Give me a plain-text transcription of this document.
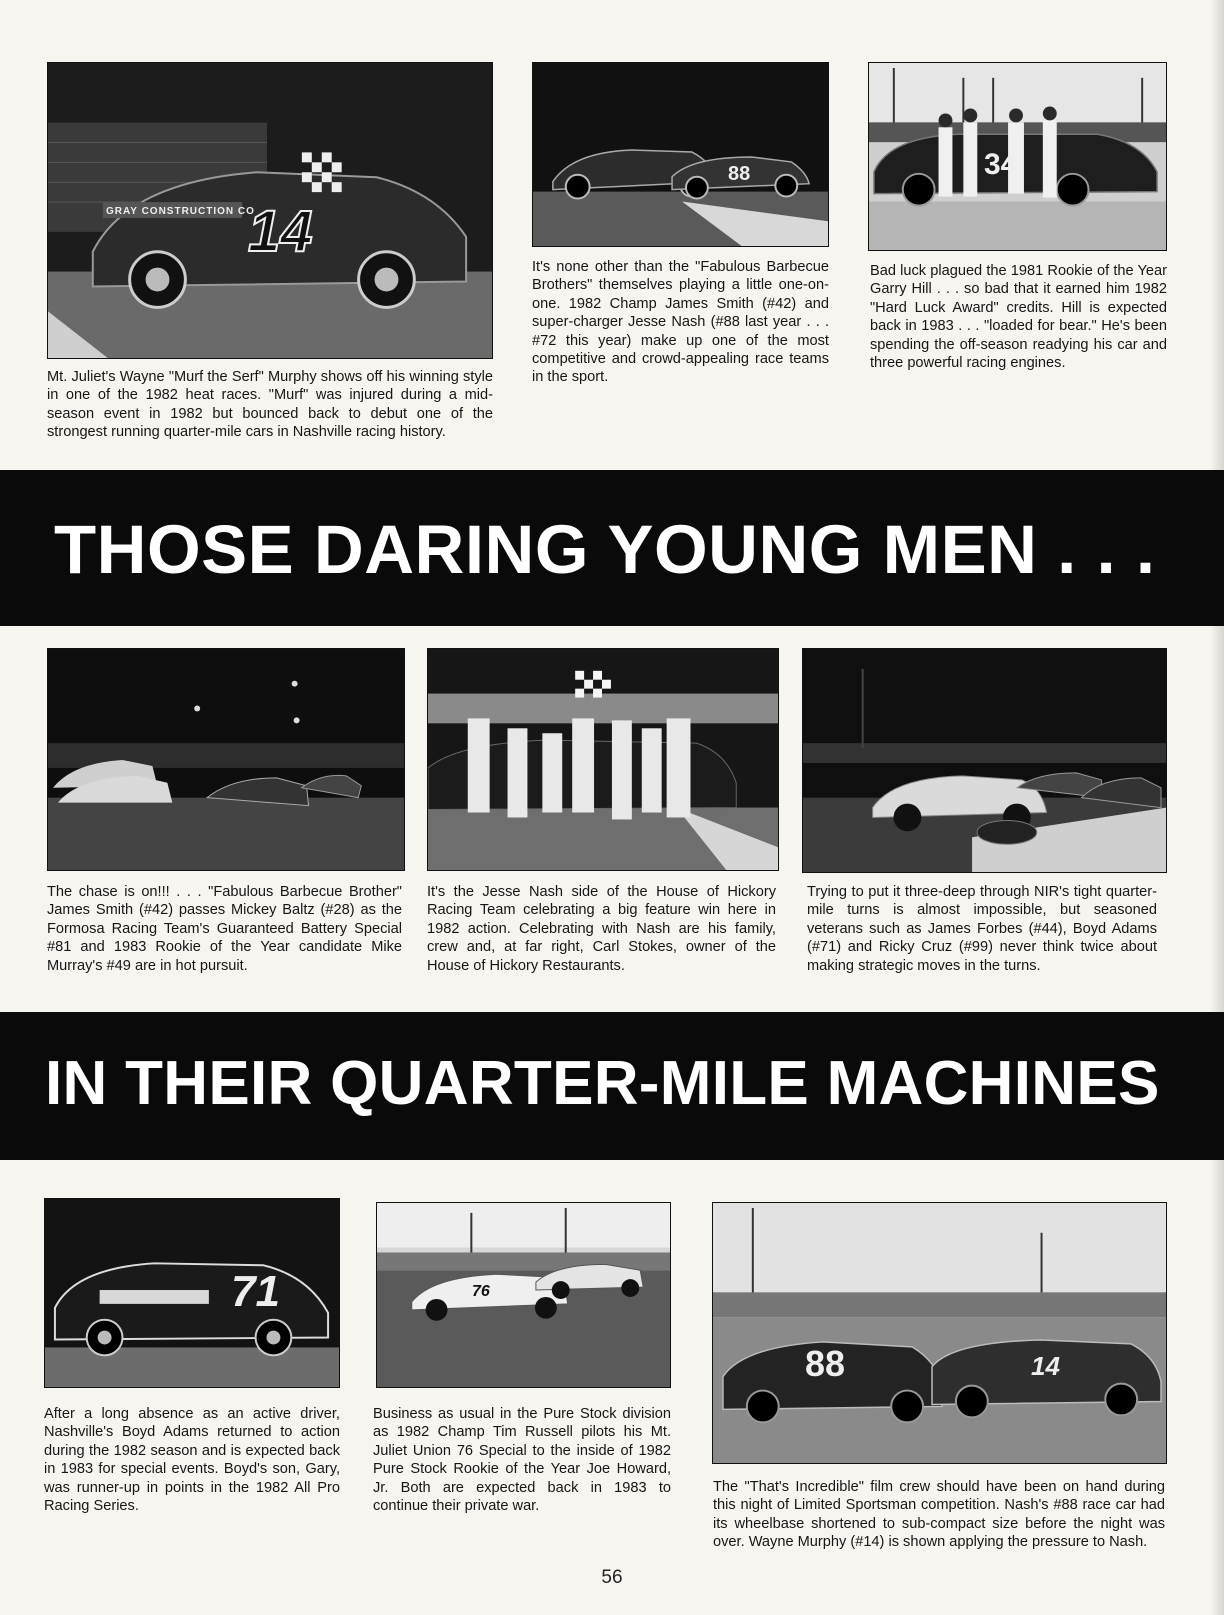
GRAY CONSTRUCTION CO
14

Mt. Juliet's Wayne "Murf the Serf" Murphy shows off his winning style in one of the 1982 heat races. "Murf" was injured during a mid-season event in 1982 but bounced back to debut one of the strongest running quarter-mile cars in Nashville racing history.

88

It's none other than the "Fabulous Barbecue Brothers" themselves playing a little one-on-one. 1982 Champ James Smith (#42) and super-charger Jesse Nash (#88 last year . . . #72 this year) make up one of the most competitive and crowd-appealing race teams in the sport.

34

Bad luck plagued the 1981 Rookie of the Year Garry Hill . . . so bad that it earned him 1982 "Hard Luck Award" credits. Hill is expected back in 1983 . . . "loaded for bear." He's been spending the off-season readying his car and three powerful racing engines.

THOSE DARING YOUNG MEN . . .

The chase is on!!! . . . "Fabulous Barbecue Brother" James Smith (#42) passes Mickey Baltz (#28) as the Formosa Racing Team's Guaranteed Battery Special #81 and 1983 Rookie of the Year candidate Mike Murray's #49 are in hot pursuit.

It's the Jesse Nash side of the House of Hickory Racing Team celebrating a big feature win here in 1982 action. Celebrating with Nash are his family, crew and, at far right, Carl Stokes, owner of the House of Hickory Restaurants.

Trying to put it three-deep through NIR's tight quarter-mile turns is almost impossible, but seasoned veterans such as James Forbes (#44), Boyd Adams (#71) and Ricky Cruz (#99) never think twice about making strategic moves in the turns.

IN THEIR QUARTER-MILE MACHINES
71

After a long absence as an active driver, Nashville's Boyd Adams returned to action during the 1982 season and is expected back in 1983 for special events. Boyd's son, Gary, was runner-up in points in the 1982 All Pro Racing Series.

76

Business as usual in the Pure Stock division as 1982 Champ Tim Russell pilots his Mt. Juliet Union 76 Special to the inside of 1982 Pure Stock Rookie of the Year Joe Howard, Jr. Both are expected back in 1983 to continue their private war.

88	14

The "That's Incredible" film crew should have been on hand during this night of Limited Sportsman competition. Nash's #88 race car had its wheelbase shortened to sub-compact size before the night was over. Wayne Murphy (#14) is shown applying the pressure to Nash.

56
